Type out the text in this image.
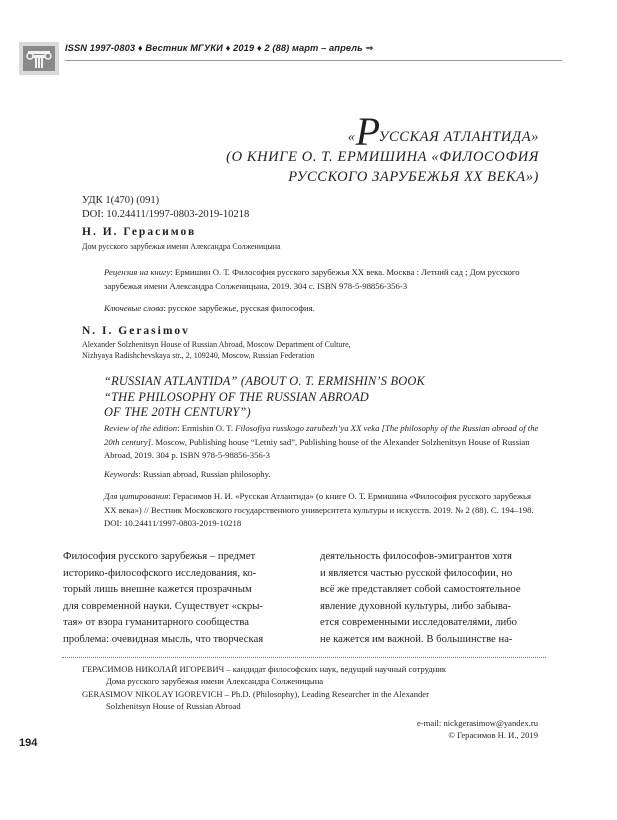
ISSN 1997-0803 ♦ Вестник МГУКИ ♦ 2019 ♦ 2 (88) март – апрель ⇒
«РУССКАЯ АТЛАНТИДА»
(О КНИГЕ О. Т. ЕРМИШИНА «ФИЛОСОФИЯ
РУССКОГО ЗАРУБЕЖЬЯ XX ВЕКА»)
УДК 1(470) (091)
DOI: 10.24411/1997-0803-2019-10218
Н. И. Герасимов
Дом русского зарубежья имени Александра Солженицына
Рецензия на книгу: Ермишин О. Т. Философия русского зарубежья XX века. Москва : Летний сад ; Дом русского зарубежья имени Александра Солженицына, 2019. 304 с. ISBN 978-5-98856-356-3
Ключевые слова: русское зарубежье, русская философия.
N. I. Gerasimov
Alexander Solzhenitsyn House of Russian Abroad, Moscow Department of Culture,
Nizhyaya Radishchevskaya str., 2, 109240, Moscow, Russian Federation
“RUSSIAN ATLANTIDA” (ABOUT O. T. ERMISHIN’S BOOK
“THE PHILOSOPHY OF THE RUSSIAN ABROAD
OF THE 20TH CENTURY”)
Review of the edition: Ermishin O. T. Filosofiya russkogo zarubezh’ya XX veka [The philosophy of the Russian abroad of the 20th century]. Moscow, Publishing house “Letniy sad”, Publishing house of the Alexander Solzhenitsyn House of Russian Abroad, 2019. 304 p. ISBN 978-5-98856-356-3
Keywords: Russian abroad, Russian philosophy.
Для цитирования: Герасимов Н. И. «Русская Атлантида» (о книге О. Т. Ермишина «Философия русского зарубежья XX века») // Вестник Московского государственного университета культуры и искусств. 2019. № 2 (88). С. 194–198. DOI: 10.24411/1997-0803-2019-10218
Философия русского зарубежья – предмет
историко-философского исследования, ко-
торый лишь внешне кажется прозрачным
для современной науки. Существует «скры-
тая» от взора гуманитарного сообщества
проблема: очевидная мысль, что творческая
деятельность философов-эмигрантов хотя
и является частью русской философии, но
всё же представляет собой самостоятельное
явление духовной культуры, либо забыва-
ется современными исследователями, либо
не кажется им важной. В большинстве на-
ГЕРАСИМОВ НИКОЛАЙ ИГОРЕВИЧ – кандидат философских наук, ведущий научный сотрудник
Дома русского зарубежья имени Александра Солженицына
GERASIMOV NIKOLAY IGOREVICH – Ph.D. (Philosophy), Leading Researcher in the Alexander
Solzhenitsyn House of Russian Abroad
e-mail: nickgerasimow@yandex.ru
© Герасимов Н. И., 2019
194
